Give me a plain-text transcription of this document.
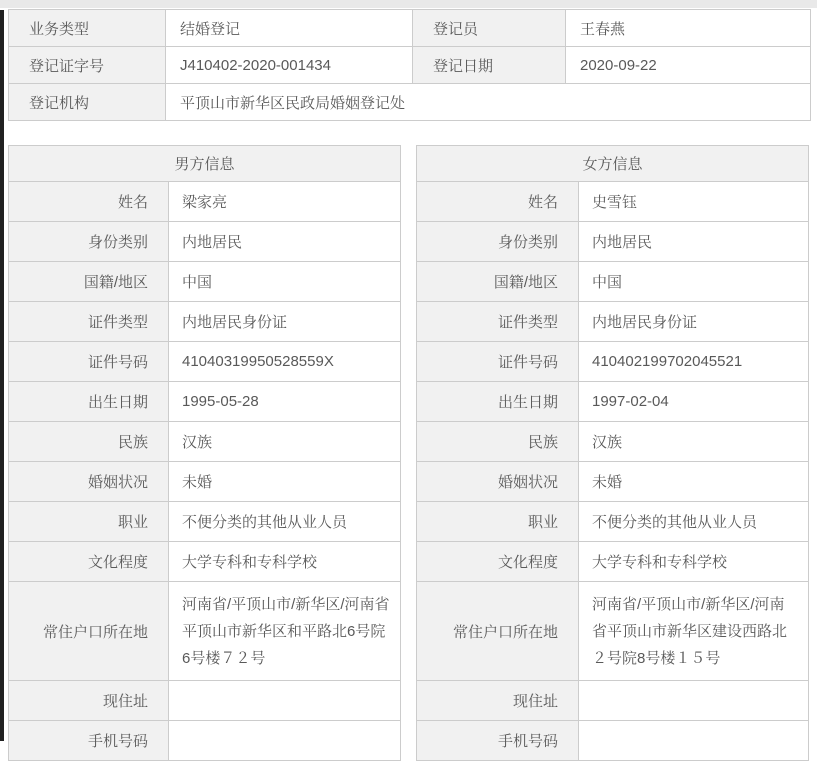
业务类型	结婚登记	登记员	王春燕
登记证字号	J410402-2020-001434	登记日期	2020-09-22
登记机构	平顶山市新华区民政局婚姻登记处		
男方信息	
姓名	梁家亮
身份类别	内地居民
国籍/地区	中国
证件类型	内地居民身份证
证件号码	41040319950528559X
出生日期	1995-05-28
民族	汉族
婚姻状况	未婚
职业	不便分类的其他从业人员
文化程度	大学专科和专科学校
常住户口所在地	河南省/平顶山市/新华区/河南省平顶山市新华区和平路北6号院6号楼７２号
现住址	
手机号码	
女方信息	
姓名	史雪钰
身份类别	内地居民
国籍/地区	中国
证件类型	内地居民身份证
证件号码	410402199702045521
出生日期	1997-02-04
民族	汉族
婚姻状况	未婚
职业	不便分类的其他从业人员
文化程度	大学专科和专科学校
常住户口所在地	河南省/平顶山市/新华区/河南省平顶山市新华区建设西路北２号院8号楼１５号
现住址	
手机号码	
